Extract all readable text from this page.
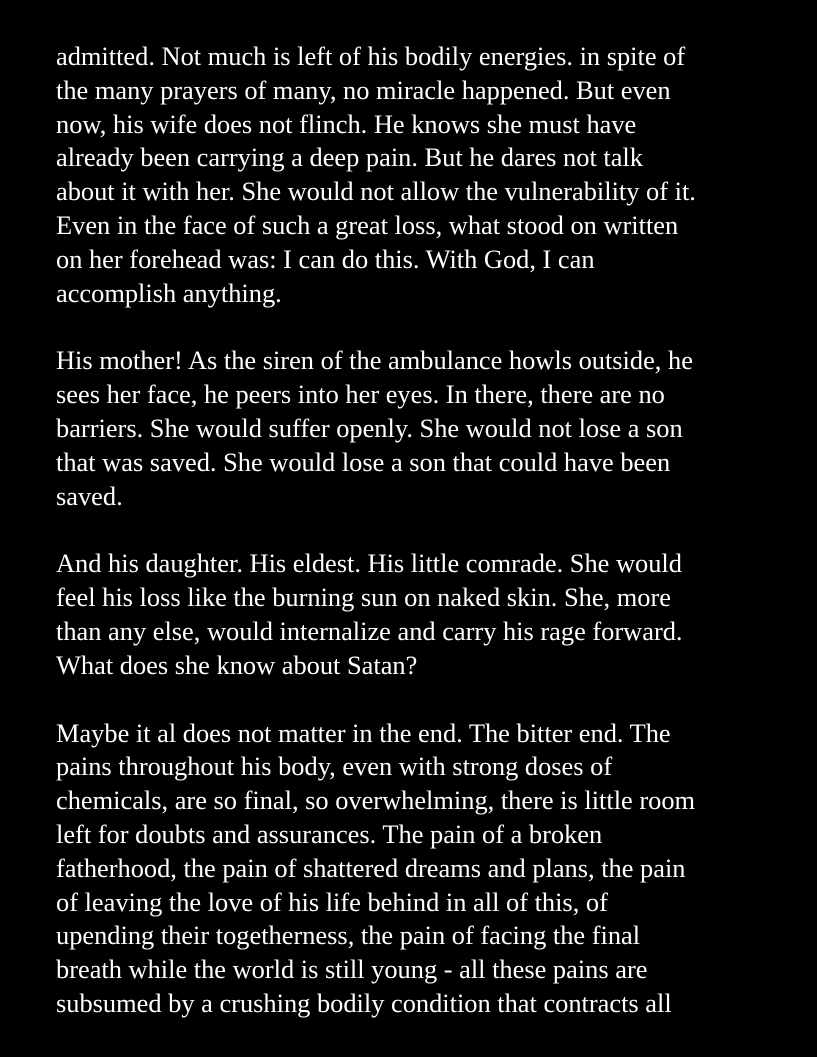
admitted. Not much is left of his bodily energies. in spite of
the many prayers of many, no miracle happened. But even
now, his wife does not flinch. He knows she must have
already been carrying a deep pain. But he dares not talk
about it with her. She would not allow the vulnerability of it.
Even in the face of such a great loss, what stood on written
on her forehead was: I can do this. With God, I can
accomplish anything.

His mother! As the siren of the ambulance howls outside, he
sees her face, he peers into her eyes. In there, there are no
barriers. She would suffer openly. She would not lose a son
that was saved. She would lose a son that could have been
saved.

And his daughter. His eldest. His little comrade. She would
feel his loss like the burning sun on naked skin. She, more
than any else, would internalize and carry his rage forward.
What does she know about Satan?

Maybe it al does not matter in the end. The bitter end. The
pains throughout his body, even with strong doses of
chemicals, are so final, so overwhelming, there is little room
left for doubts and assurances. The pain of a broken
fatherhood, the pain of shattered dreams and plans, the pain
of leaving the love of his life behind in all of this, of
upending their togetherness, the pain of facing the final
breath while the world is still young - all these pains are
subsumed by a crushing bodily condition that contracts all
